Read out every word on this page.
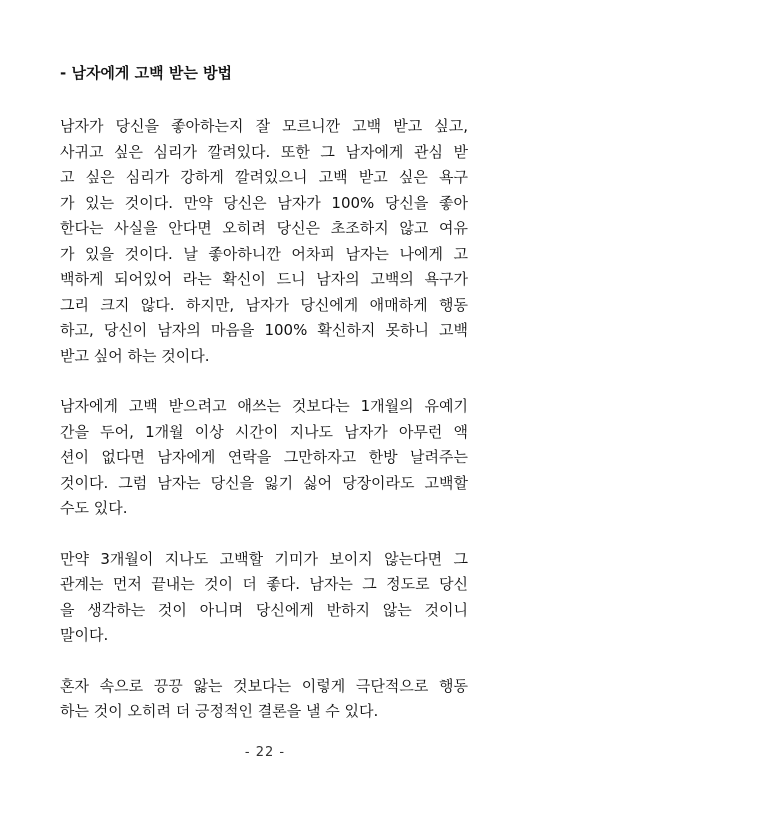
- 남자에게 고백 받는 방법
남자가 당신을 좋아하는지 잘 모르니깐 고백 받고 싶고,
사귀고 싶은 심리가 깔려있다. 또한 그 남자에게 관심 받
고 싶은 심리가 강하게 깔려있으니 고백 받고 싶은 욕구
가 있는 것이다. 만약 당신은 남자가 100% 당신을 좋아
한다는 사실을 안다면 오히려 당신은 초조하지 않고 여유
가 있을 것이다. 날 좋아하니깐 어차피 남자는 나에게 고
백하게 되어있어 라는 확신이 드니 남자의 고백의 욕구가
그리 크지 않다. 하지만, 남자가 당신에게 애매하게 행동
하고, 당신이 남자의 마음을 100% 확신하지 못하니 고백
받고 싶어 하는 것이다.
남자에게 고백 받으려고 애쓰는 것보다는 1개월의 유예기
간을 두어, 1개월 이상 시간이 지나도 남자가 아무런 액
션이 없다면 남자에게 연락을 그만하자고 한방 날려주는
것이다. 그럼 남자는 당신을 잃기 싫어 당장이라도 고백할
수도 있다.
만약 3개월이 지나도 고백할 기미가 보이지 않는다면 그
관계는 먼저 끝내는 것이 더 좋다. 남자는 그 정도로 당신
을 생각하는 것이 아니며 당신에게 반하지 않는 것이니
말이다.
혼자 속으로 끙끙 앓는 것보다는 이렇게 극단적으로 행동
하는 것이 오히려 더 긍정적인 결론을 낼 수 있다.
- 22 -
